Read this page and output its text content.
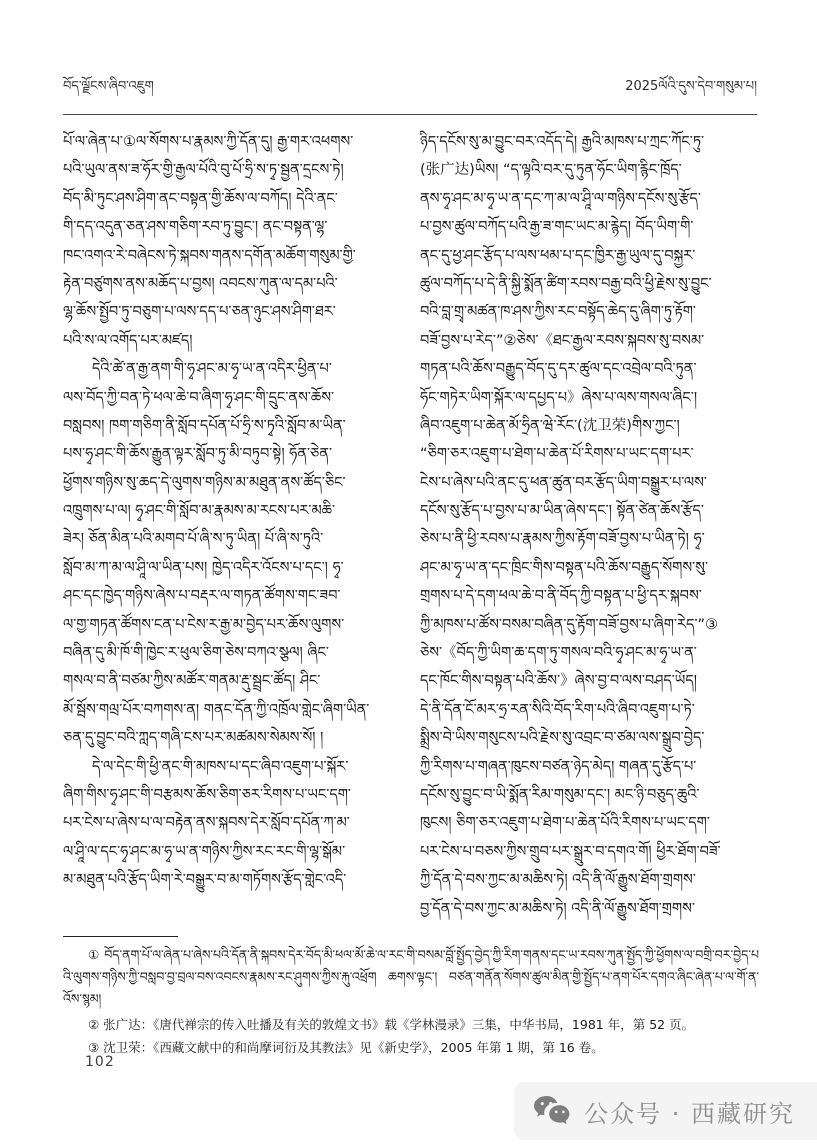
བོད་ལྗོངས་ཞིབ་འཇུག	2025ལོའི་དུས་དེབ་གསུམ་པ།
པོ་ལ་ཞེན་པ་①ལ་སོགས་པ་རྣམས་ཀྱི་དོན་དུ། རྒྱ་གར་འཕགས་
པའི་ཡུལ་ནས་ཟ་ཧོར་གྱི་རྒྱལ་པོའི་བུ་པོ་ཧྲི་ས་ཏྭ་སྦྱན་དྲངས་ཏེ།
བོད་མི་ཏུང་ཤས་ཤིག་ནང་བསྟན་གྱི་ཆོས་ལ་བཀོད། དེའི་ནང་
གི་དད་འདུན་ཅན་ཤས་གཅིག་རབ་ཏུ་བྱུང་། ནང་བསྟན་ལྷ་
ཁང་འགའ་རེ་བཞེངས་ཏེ་སྐབས་གནས་དགོན་མཆོག་གསུམ་གྱི་
རྟེན་བཙུགས་ནས་མཆོད་པ་བྱས། འབངས་ཀུན་ལ་དམ་པའི་
ལྷ་ཆོས་སྤྱོབ་ཏུ་བཅུག་པ་ལས་དད་པ་ཅན་ཉུང་ཤས་ཤིག་ཐར་
པའི་ས་ལ་འགོད་པར་མཛད།
དེའི་ཚེ་ན་རྒྱ་ནག་གི་ཧྭ་ཤང་མ་ཧྭ་ཡ་ན་འདིར་ཕྱིན་པ་
ལས་བོད་ཀྱི་བན་ཏེ་ཕལ་ཆེ་བ་ཞིག་ཧྭ་ཤང་གི་དྲུང་ནས་ཆོས་
བསླབས། ཁག་གཅིག་ནི་སློབ་དཔོན་པོ་ཧྲི་ས་ཏྭའི་སློབ་མ་ཡིན་
པས་ཧྭ་ཤང་གི་ཆོས་རྒྱུན་ལྟར་སློབ་ཏུ་མི་བཏུབ་སྟེ། ཧོན་ཅེན་
ཕྱོགས་གཉིས་སུ་ཆད་དེ་ལུགས་གཉིས་མ་མཐུན་ནས་ཚོད་ཅིང་
འཁྲུགས་པ་ལ། ཧྭ་ཤང་གི་སློབ་མ་རྣམས་མ་རངས་པར་མཆི་
ཟེར། ཅོན་མིན་པའི་མགབ་པོ་ཞི་ས་ཏུ་ཡིན། པོ་ཞི་ས་ཏུའི་
སློབ་མ་ཀ་མ་ལ་ཤཱི་ལ་ཡིན་པས། ཁྱེད་འདིར་འོངས་པ་དང་། ཧྭ་
ཤང་དང་ཁྱེད་གཉིས་ཞེས་པ་བརྡར་ལ་གཏན་ཚོགས་གང་ཟབ་
ལ་གྱ་གཏན་ཚོགས་ངན་པ་ངེས་ར་རྒྱ་མ་བྱེད་པར་ཆོས་ལུགས་
བཞིན་དུ་མི་ཁོ་གི་ཁྱེང་ར་ཕུལ་ཅིག་ཅེས་བཀའ་སྩལ། ཞིང་
གསལ་བ་ནི་བཙམ་ཀྱིས་མཚོར་གནམ་རྡུ་སྦྲང་ཚོད། ཤིང་
མོ་སྦོས་གལྲ་པོར་བཀགས་ན། གནང་དོན་ཀྱི་འཁྲོལ་གླེང་ཞིག་ཡིན་
ཅན་དུ་བྱུང་བའི་ཀླད་གཞི་ངས་པར་མཚམས་སེམས་སོ། །
དེ་ལ་དེང་གི་ཕྱི་ནང་གི་མཁས་པ་དང་ཞིབ་འཇུག་པ་སྐོར་
ཞིག་གིས་ཧྭ་ཤང་གི་བརྩམས་ཆོས་ཅིག་ཅར་རིགས་པ་ཡང་དག་
པར་ངེས་པ་ཞེས་པ་ལ་བརྟེན་ནས་སྐབས་དེར་སློབ་དཔོན་ཀ་མ་
ལ་ཤཱི་ལ་དང་ཧྭ་ཤང་མ་ཧྭ་ཡ་ན་གཉིས་ཀྱིས་རང་རང་གི་ལྷ་སྒོམ་
མ་མཐུན་པའི་རྩོད་ཡིག་རེ་བསྒྱུར་བ་མ་གཏོགས་རྩོད་གླེང་འདི་
ཉིད་དངོས་སུ་མ་བྱུང་བར་འདོད་དེ། རྒྱའི་མཁས་པ་ཀྲང་ཀོང་ཏུ་
(张广达)ཡིས། “ད་ལྟའི་བར་དུ་ཏུན་ཧོང་ཡིག་རྙིང་ཁྲོད་
ནས་ཧྭ་ཤང་མ་ཧྭ་ཡ་ན་དང་ཀ་མ་ལ་ཤཱི་ལ་གཉིས་དངོས་སུ་རྩོད་
པ་བྱས་ཚུལ་བཀོད་པའི་རྒྱ་ཟ་གང་ཡང་མ་རྙེད། བོད་ཡིག་གི་
ནང་དུ་ཕྱ་ཤང་རྩོད་པ་ལས་ཕམ་པ་དང་ཁྱིར་རྒྱ་ཡུལ་དུ་བསྐྱར་
ཚུལ་བཀོད་པ་དེ་ནི་སྐྱི་སྨོན་ཚིག་རབས་བརྒྱ་བའི་ཕྱི་རྗེས་སུ་བྱུང་
བའི་བླ་གྲྭ་མཚན་ཁ་ཤས་ཀྱིས་རང་བསྟོད་ཆེད་དུ་ཞིག་ཏུ་རྟོག་
བཟོ་བྱས་པ་རེད་”②ཅེས་《ཐང་རྒྱལ་རབས་སྐབས་སུ་བསམ་
གཏན་པའི་ཆོས་བརྒྱུད་བོད་དུ་དར་ཚུལ་དང་འབྲེལ་བའི་ཏུན་
ཧོང་གཏེར་ཡིག་སྐོར་ལ་དཔྱད་པ》ཞེས་པ་ལས་གསལ་ཞིང་།
ཞིབ་འཇུག་པ་ཆེན་མོ་ཧྲིན་ཝེ་རོང་(沈卫荣)གིས་ཀྱང་།
“ཅིག་ཅར་འཇུག་པ་ཐེག་པ་ཆེན་པོ་རིགས་པ་ཡང་དག་པར་
ངེས་པ་ཞེས་པའི་ནང་དུ་ཕན་ཚུན་བར་རྩོད་ཡིག་བསྒྱུར་པ་ལས་
དངོས་སུ་རྩོད་པ་བྱས་པ་མ་ཡིན་ཞེས་དང་། སྟོན་ཙེན་ཆོས་རྩོད་
ཅེས་པ་ནི་ཕྱི་རབས་པ་རྣམས་ཀྱིས་རྟོག་བཟོ་བྱས་པ་ཡིན་ཏེ། ཧྭ་
ཤང་མ་ཧྭ་ཡ་ན་དང་ཁྲིང་གིས་བསྟན་པའི་ཆོས་བརྒྱུད་སོགས་སུ་
གྲགས་པ་དེ་དག་ཕལ་ཆེ་བ་ནི་བོད་ཀྱི་བསྟན་པ་ཕྱི་དར་སྐབས་
ཀྱི་མཁས་པ་ཚོས་བསམ་བཞིན་དུ་རྟོག་བཟོ་བྱས་པ་ཞིག་རེད་”③
ཅེས་《བོད་ཀྱི་ཡིག་ཆ་དག་ཏུ་གསལ་བའི་ཧྭ་ཤང་མ་ཧྭ་ཡ་ན་
དང་ཁོང་གིས་བསྟན་པའི་ཆོས་》ཞེས་བྱ་བ་ལས་བཤད་ཡོད།
དེ་ནི་དོན་ངོ་མར་ཧྲ་རན་སིའི་བོད་རིག་པའི་ཞིབ་འཇུག་པ་ཏེ་
སྨྲིས་བེ་ཡིས་གསུངས་པའི་རྗེས་སུ་འབྲང་བ་ཙམ་ལས་སྒྲུབ་བྱེད་
ཀྱི་རིགས་པ་གཞན་ཁུངས་བཙན་ཉེད་མེད། གཞན་དུ་རྩོད་པ་
དངོས་སུ་བྱུང་བ་ཡི་སྨོན་རིམ་གསུམ་དང་། མང་ཉི་བཅུད་ཆུའི་
ཁུངས། ཅིག་ཅར་འཇུག་པ་ཐེག་པ་ཆེན་པོའི་རིགས་པ་ཡང་དག་
པར་ངེས་པ་བཅས་ཀྱིས་གྲུབ་པར་སྒྲུར་བ་དགའ་གོ། ཕྱིར་ཐོག་བཟོ་
ཀྱི་དོན་དེ་བས་ཀྱང་མ་མཆིས་ཏེ། འདི་ནི་ལོ་རྒྱུས་ཐོག་གྲགས་
བྱ་དོན་དེ་བས་ཀྱང་མ་མཆིས་ཏེ། འདི་ནི་ལོ་རྒྱུས་ཐོག་གྲགས་

① བོད་ནག་པོ་ལ་ཞེན་པ་ཞེས་པའི་དོན་ནི་སྐབས་དེར་བོད་མི་ཕལ་མོ་ཆེ་ལ་རང་གི་བསམ་བློ་སྤྱོད་བྱེད་ཀྱི་རིག་གནས་དང་ཡ་རབས་ཀུན་སྤྱོད་ཀྱི་ཕྱོགས་ལ་བགྲི་བར་བྱེད་པའི་ལུགས་གཉིས་ཀྱི་བསླབ་བྱ་བྲལ་བས་འབངས་རྣམས་རང་ཤུགས་ཀྱིས་རྐུ་འཕྲོག ཆགས་ལྟང་། བཙན་གནོན་སོགས་ཚུལ་མིན་གྱི་སྤྱོད་པ་ནག་པོར་དགའ་ཞིང་ཞེན་པ་ལ་གོ་ན་འོས་སྙམ།

② 张广达：《唐代禅宗的传入吐播及有关的敦煌文书》载《学林漫录》三集，中华书局，1981 年，第 52 页。

③ 沈卫荣：《西藏文献中的和尚摩诃衍及其教法》见《新史学》，2005 年第 1 期，第 16 卷。

102
公众号 · 西藏研究
